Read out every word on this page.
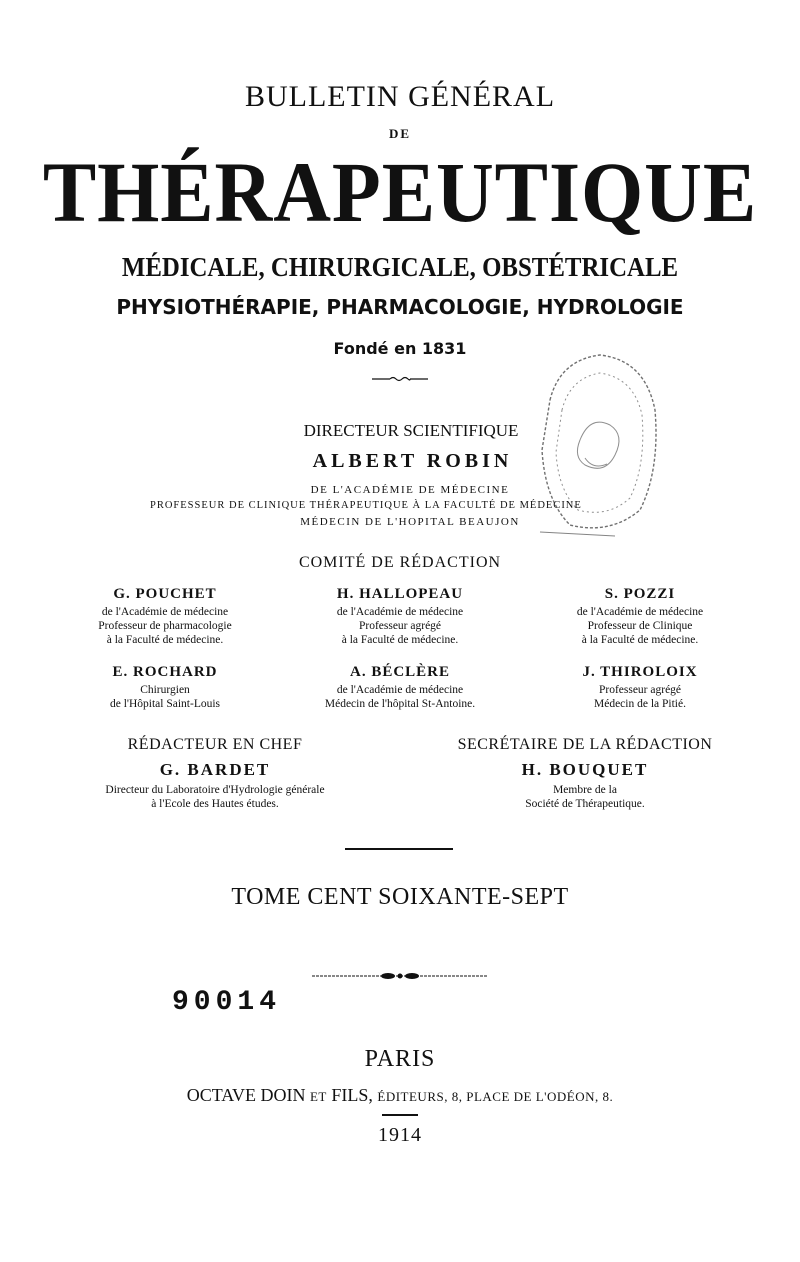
BULLETIN GÉNÉRAL
DE
THÉRAPEUTIQUE
MÉDICALE, CHIRURGICALE, OBSTÉTRICALE
PHYSIOTHÉRAPIE, PHARMACOLOGIE, HYDROLOGIE
Fondé en 1831
DIRECTEUR SCIENTIFIQUE
ALBERT ROBIN
DE L'ACADÉMIE DE MÉDECINE
PROFESSEUR DE CLINIQUE THÉRAPEUTIQUE À LA FACULTÉ DE MÉDECINE
MÉDECIN DE L'HOPITAL BEAUJON
COMITÉ DE RÉDACTION
G. POUCHET
de l'Académie de médecine
Professeur de pharmacologie
à la Faculté de médecine.
H. HALLOPEAU
de l'Académie de médecine
Professeur agrégé
à la Faculté de médecine.
S. POZZI
de l'Académie de médecine
Professeur de Clinique
à la Faculté de médecine.
E. ROCHARD
Chirurgien
de l'Hôpital Saint-Louis
A. BÉCLÈRE
de l'Académie de médecine
Médecin de l'hôpital St-Antoine.
J. THIROLOIX
Professeur agrégé
Médecin de la Pitié.
RÉDACTEUR EN CHEF
G. BARDET
Directeur du Laboratoire d'Hydrologie générale
à l'Ecole des Hautes études.
SECRÉTAIRE DE LA RÉDACTION
H. BOUQUET
Membre de la
Société de Thérapeutique.
TOME CENT SOIXANTE-SEPT
90014
PARIS
OCTAVE DOIN ET FILS, ÉDITEURS, 8, PLACE DE L'ODÉON, 8.
1914
